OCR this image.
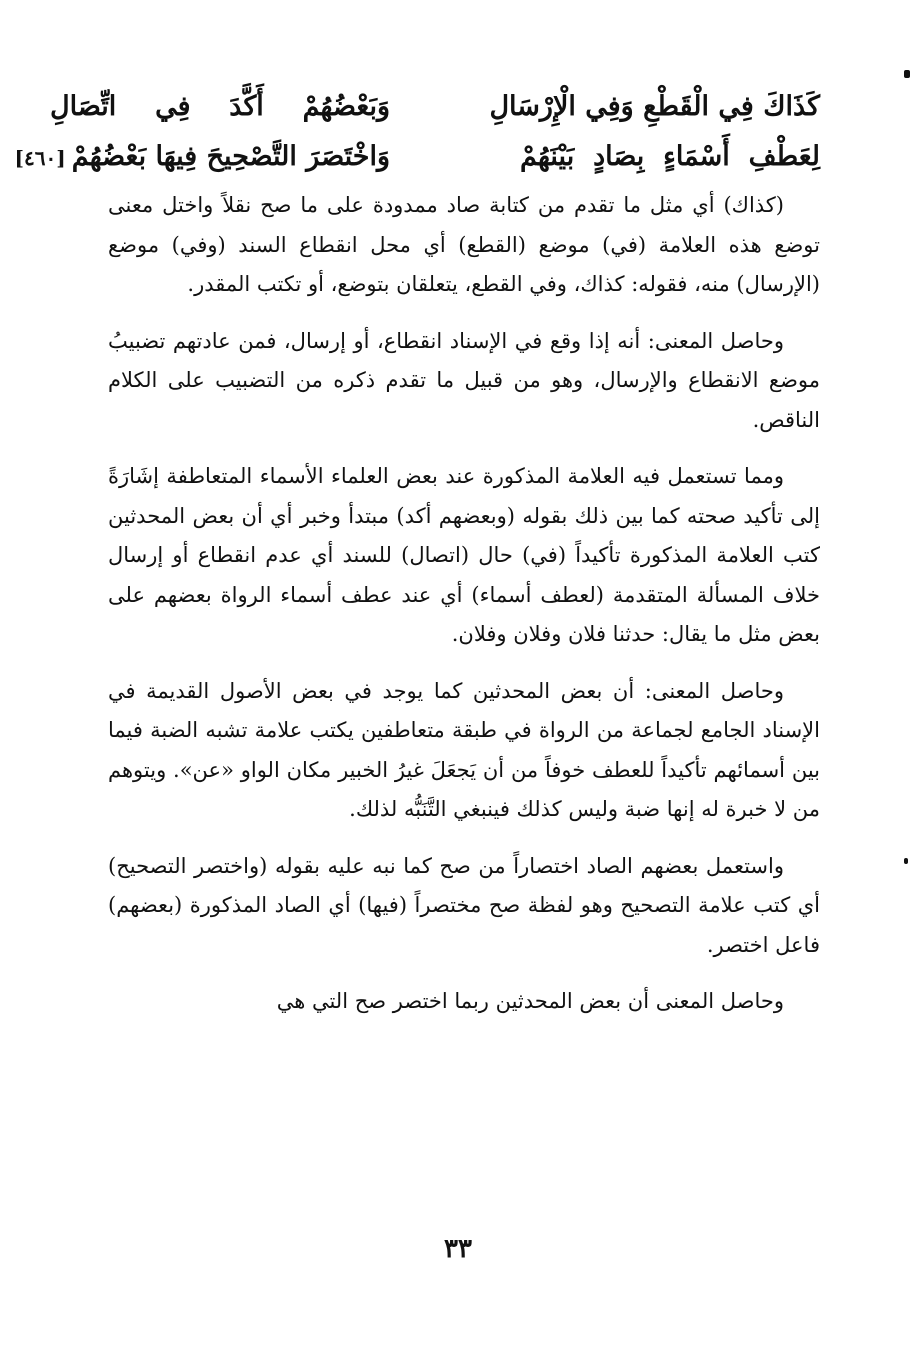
كَذَاكَ فِي الْقَطْعِ وَفِي الْإِرْسَالِ
وَبَعْضُهُمْ أَكَّدَ فِي اتِّصَالِ
لِعَطْفِ أَسْمَاءٍ بِصَادٍ بَيْنَهُمْ
وَاخْتَصَرَ التَّصْحِيحَ فِيهَا بَعْضُهُمْ[٤٦٠]

(كذاك) أي مثل ما تقدم من كتابة صاد ممدودة على ما صح نقلاً واختل معنى توضع هذه العلامة (في) موضع (القطع) أي محل انقطاع السند (وفي) موضع (الإرسال) منه، فقوله: كذاك، وفي القطع، يتعلقان بتوضع، أو تكتب المقدر.

وحاصل المعنى: أنه إذا وقع في الإسناد انقطاع، أو إرسال، فمن عادتهم تضبيبُ موضع الانقطاع والإرسال، وهو من قبيل ما تقدم ذكره من التضبيب على الكلام الناقص.

ومما تستعمل فيه العلامة المذكورة عند بعض العلماء الأسماء المتعاطفة إشَارَةً إلى تأكيد صحته كما بين ذلك بقوله (وبعضهم أكد) مبتدأ وخبر أي أن بعض المحدثين كتب العلامة المذكورة تأكيداً (في) حال (اتصال) للسند أي عدم انقطاع أو إرسال خلاف المسألة المتقدمة (لعطف أسماء) أي عند عطف أسماء الرواة بعضهم على بعض مثل ما يقال: حدثنا فلان وفلان وفلان.

وحاصل المعنى: أن بعض المحدثين كما يوجد في بعض الأصول القديمة في الإسناد الجامع لجماعة من الرواة في طبقة متعاطفين يكتب علامة تشبه الضبة فيما بين أسمائهم تأكيداً للعطف خوفاً من أن يَجعَلَ غيرُ الخبير مكان الواو «عن». ويتوهم من لا خبرة له إنها ضبة وليس كذلك فينبغي التَّنَبُّه لذلك.

واستعمل بعضهم الصاد اختصاراً من صح كما نبه عليه بقوله (واختصر التصحيح) أي كتب علامة التصحيح وهو لفظة صح مختصراً (فيها) أي الصاد المذكورة (بعضهم) فاعل اختصر.

وحاصل المعنى أن بعض المحدثين ربما اختصر صح التي هي

٣٣
